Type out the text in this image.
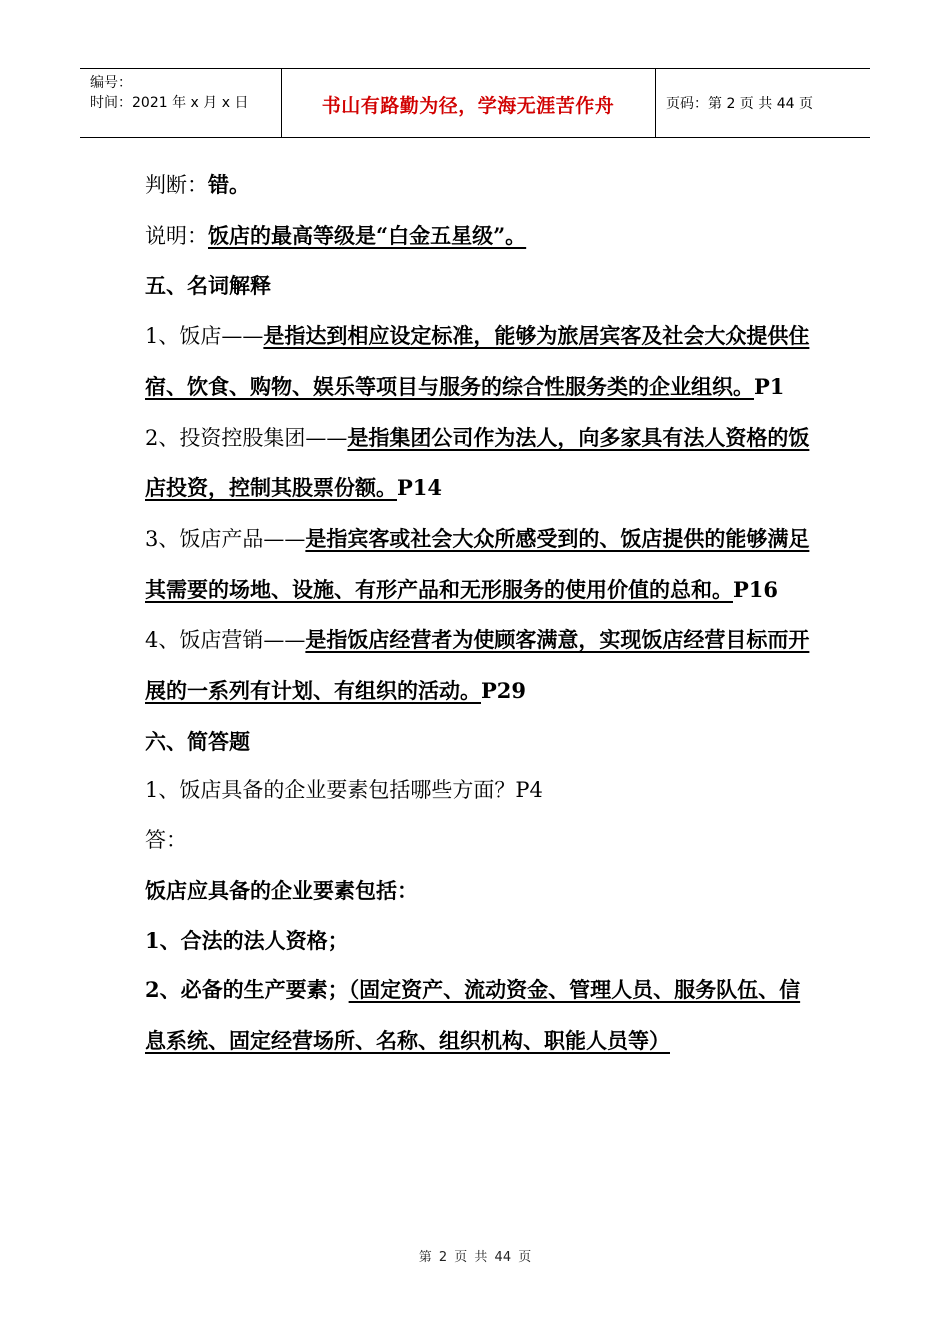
编号：
时间：2021 年 x 月 x 日	书山有路勤为径，学海无涯苦作舟	页码：第 2 页 共 44 页

判断：错。

说明：饭店的最高等级是“白金五星级”。

五、名词解释

1、饭店——是指达到相应设定标准，能够为旅居宾客及社会大众提供住宿、饮食、购物、娱乐等项目与服务的综合性服务类的企业组织。P1

2、投资控股集团——是指集团公司作为法人，向多家具有法人资格的饭店投资，控制其股票份额。P14

3、饭店产品——是指宾客或社会大众所感受到的、饭店提供的能够满足其需要的场地、设施、有形产品和无形服务的使用价值的总和。P16

4、饭店营销——是指饭店经营者为使顾客满意，实现饭店经营目标而开展的一系列有计划、有组织的活动。P29

六、简答题

1、饭店具备的企业要素包括哪些方面？P4

答：

饭店应具备的企业要素包括：

1、合法的法人资格；

2、必备的生产要素；（固定资产、流动资金、管理人员、服务队伍、信息系统、固定经营场所、名称、组织机构、职能人员等）

第 2 页 共 44 页
